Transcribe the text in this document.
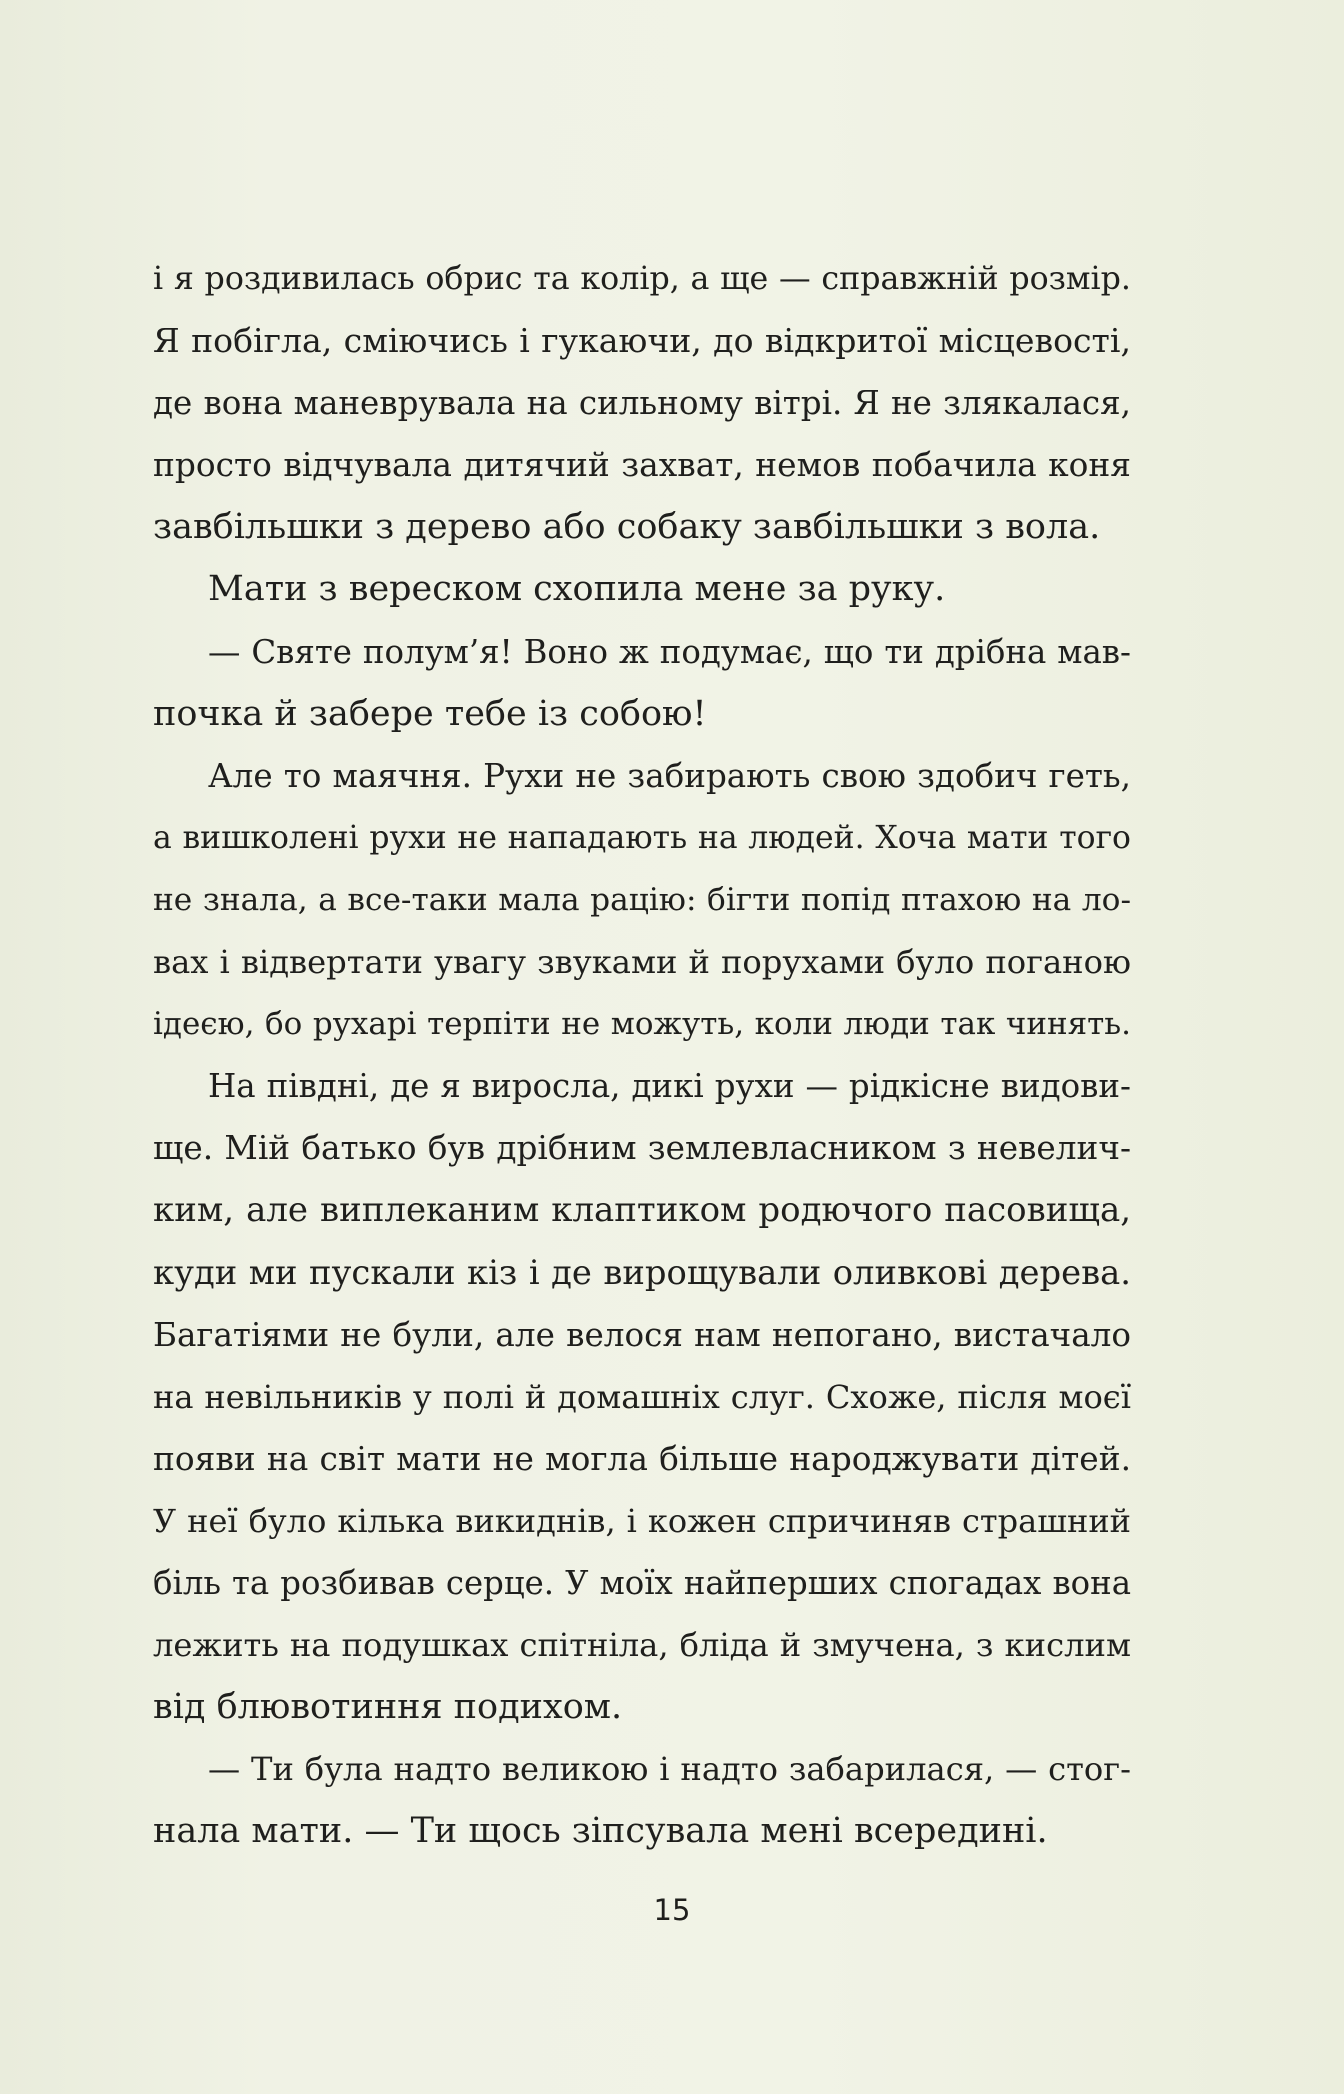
і я роздивилась обрис та колір, а ще — справжній розмір.
Я побігла, сміючись і гукаючи, до відкритої місцевості,
де вона маневрувала на сильному вітрі. Я не злякалася,
просто відчувала дитячий захват, немов побачила коня
завбільшки з дерево або собаку завбільшки з вола.
Мати з вереском схопила мене за руку.
— Святе полум’я! Воно ж подумає, що ти дрібна мав-
почка й забере тебе із собою!
Але то маячня. Рухи не забирають свою здобич геть,
а вишколені рухи не нападають на людей. Хоча мати того
не знала, а все-таки мала рацію: бігти попід птахою на ло-
вах і відвертати увагу звуками й порухами було поганою
ідеєю, бо рухарі терпіти не можуть, коли люди так чинять.
На півдні, де я виросла, дикі рухи — рідкісне видови-
ще. Мій батько був дрібним землевласником з невелич-
ким, але виплеканим клаптиком родючого пасовища,
куди ми пускали кіз і де вирощували оливкові дерева.
Багатіями не були, але велося нам непогано, вистачало
на невільників у полі й домашніх слуг. Схоже, після моєї
появи на світ мати не могла більше народжувати дітей.
У неї було кілька викиднів, і кожен спричиняв страшний
біль та розбивав серце. У моїх найперших спогадах вона
лежить на подушках спітніла, бліда й змучена, з кислим
від блювотиння подихом.
— Ти була надто великою і надто забарилася, — стог-
нала мати. — Ти щось зіпсувала мені всередині.
15
